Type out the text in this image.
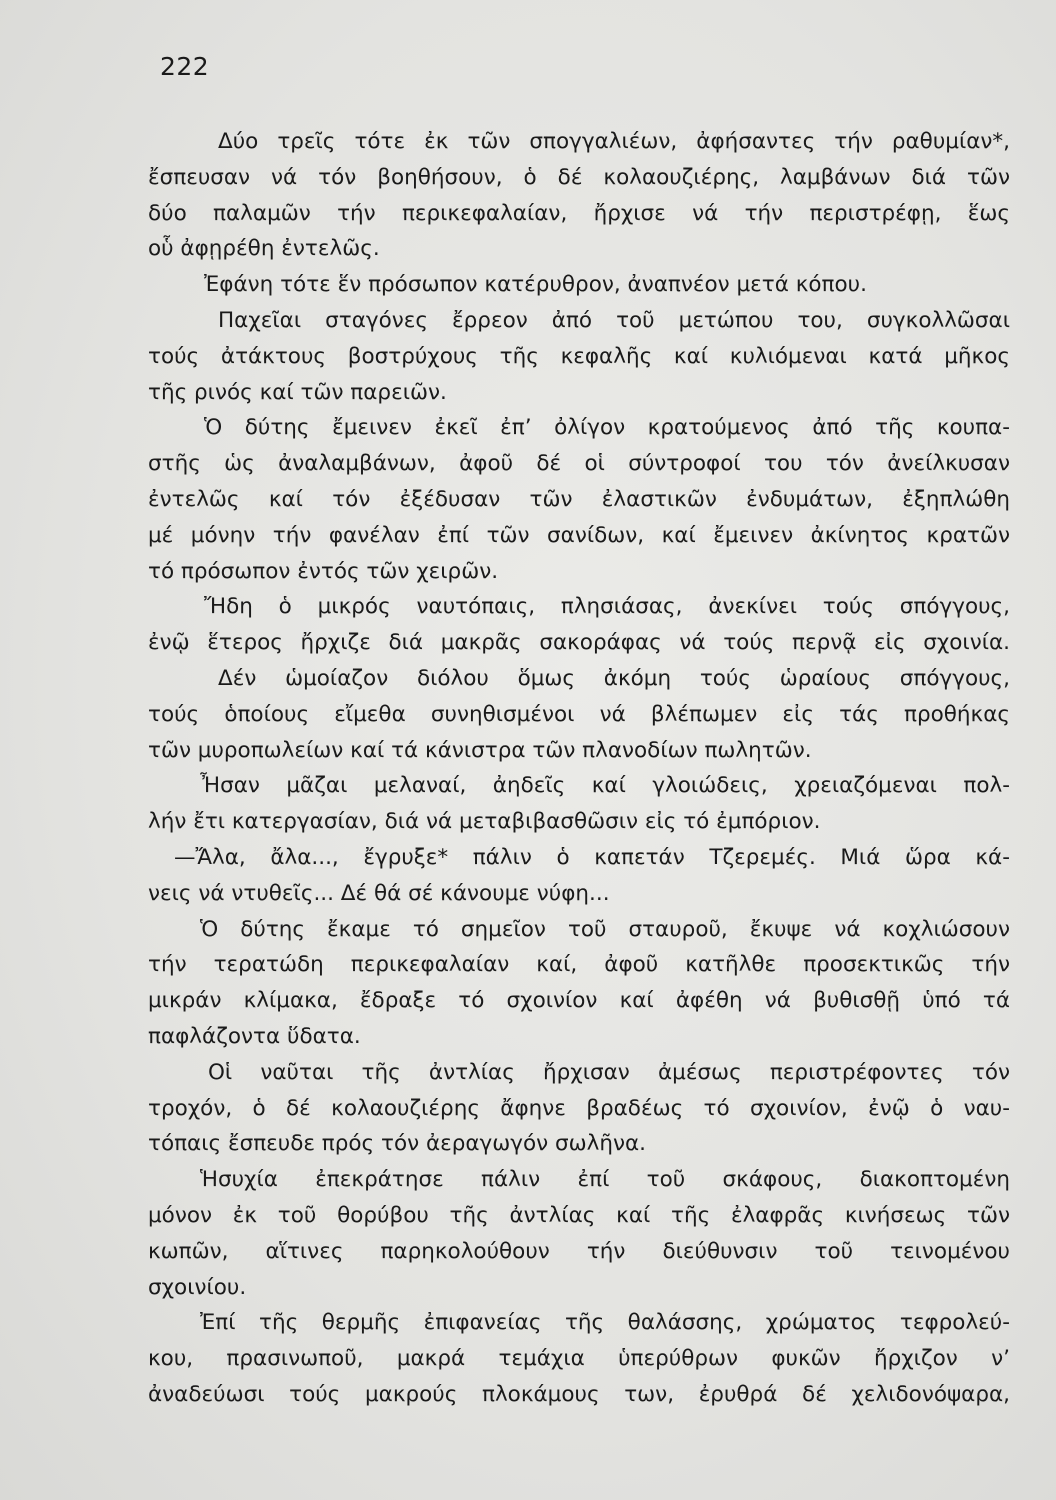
222
Δύο τρεῖς τότε ἐκ τῶν σπογγαλιέων, ἀφήσαντες τήν ραθυμίαν*,
ἔσπευσαν νά τόν βοηθήσουν, ὁ δέ κολαουζιέρης, λαμβάνων διά τῶν
δύο παλαμῶν τήν περικεφαλαίαν, ἤρχισε νά τήν περιστρέφῃ, ἕως
οὗ ἀφῃρέθη ἐντελῶς.
Ἐφάνη τότε ἕν πρόσωπον κατέρυθρον, ἀναπνέον μετά κόπου.
Παχεῖαι σταγόνες ἔρρεον ἀπό τοῦ μετώπου του, συγκολλῶσαι
τούς ἀτάκτους βοστρύχους τῆς κεφαλῆς καί κυλιόμεναι κατά μῆκος
τῆς ρινός καί τῶν παρειῶν.
Ὁ δύτης ἔμεινεν ἐκεῖ ἐπ’ ὀλίγον κρατούμενος ἀπό τῆς κουπα-
στῆς ὡς ἀναλαμβάνων, ἀφοῦ δέ οἱ σύντροφοί του τόν ἀνείλκυσαν
ἐντελῶς καί τόν ἐξέδυσαν τῶν ἐλαστικῶν ἐνδυμάτων, ἐξηπλώθη
μέ μόνην τήν φανέλαν ἐπί τῶν σανίδων, καί ἔμεινεν ἀκίνητος κρατῶν
τό πρόσωπον ἐντός τῶν χειρῶν.
Ἤδη ὁ μικρός ναυτόπαις, πλησιάσας, ἀνεκίνει τούς σπόγγους,
ἐνῷ ἕτερος ἤρχιζε διά μακρᾶς σακοράφας νά τούς περνᾷ εἰς σχοινία.
Δέν ὡμοίαζον διόλου ὅμως ἀκόμη τούς ὡραίους σπόγγους,
τούς ὁποίους εἴμεθα συνηθισμένοι νά βλέπωμεν εἰς τάς προθήκας
τῶν μυροπωλείων καί τά κάνιστρα τῶν πλανοδίων πωλητῶν.
Ἦσαν μᾶζαι μελαναί, ἀηδεῖς καί γλοιώδεις, χρειαζόμεναι πολ-
λήν ἔτι κατεργασίαν, διά νά μεταβιβασθῶσιν εἰς τό ἐμπόριον.
—Ἄλα, ἄλα..., ἔγρυξε* πάλιν ὁ καπετάν Τζερεμές. Μιά ὥρα κά-
νεις νά ντυθεῖς... Δέ θά σέ κάνουμε νύφη...
Ὁ δύτης ἔκαμε τό σημεῖον τοῦ σταυροῦ, ἔκυψε νά κοχλιώσουν
τήν τερατώδη περικεφαλαίαν καί, ἀφοῦ κατῆλθε προσεκτικῶς τήν
μικράν κλίμακα, ἔδραξε τό σχοινίον καί ἀφέθη νά βυθισθῇ ὑπό τά
παφλάζοντα ὕδατα.
Οἱ ναῦται τῆς ἀντλίας ἤρχισαν ἀμέσως περιστρέφοντες τόν
τροχόν, ὁ δέ κολαουζιέρης ἄφηνε βραδέως τό σχοινίον, ἐνῷ ὁ ναυ-
τόπαις ἔσπευδε πρός τόν ἀεραγωγόν σωλῆνα.
Ἡσυχία ἐπεκράτησε πάλιν ἐπί τοῦ σκάφους, διακοπτομένη
μόνον ἐκ τοῦ θορύβου τῆς ἀντλίας καί τῆς ἐλαφρᾶς κινήσεως τῶν
κωπῶν, αἵτινες παρηκολούθουν τήν διεύθυνσιν τοῦ τεινομένου
σχοινίου.
Ἐπί τῆς θερμῆς ἐπιφανείας τῆς θαλάσσης, χρώματος τεφρολεύ-
κου, πρασινωποῦ, μακρά τεμάχια ὑπερύθρων φυκῶν ἤρχιζον ν’
ἀναδεύωσι τούς μακρούς πλοκάμους των, ἐρυθρά δέ χελιδονόψαρα,
